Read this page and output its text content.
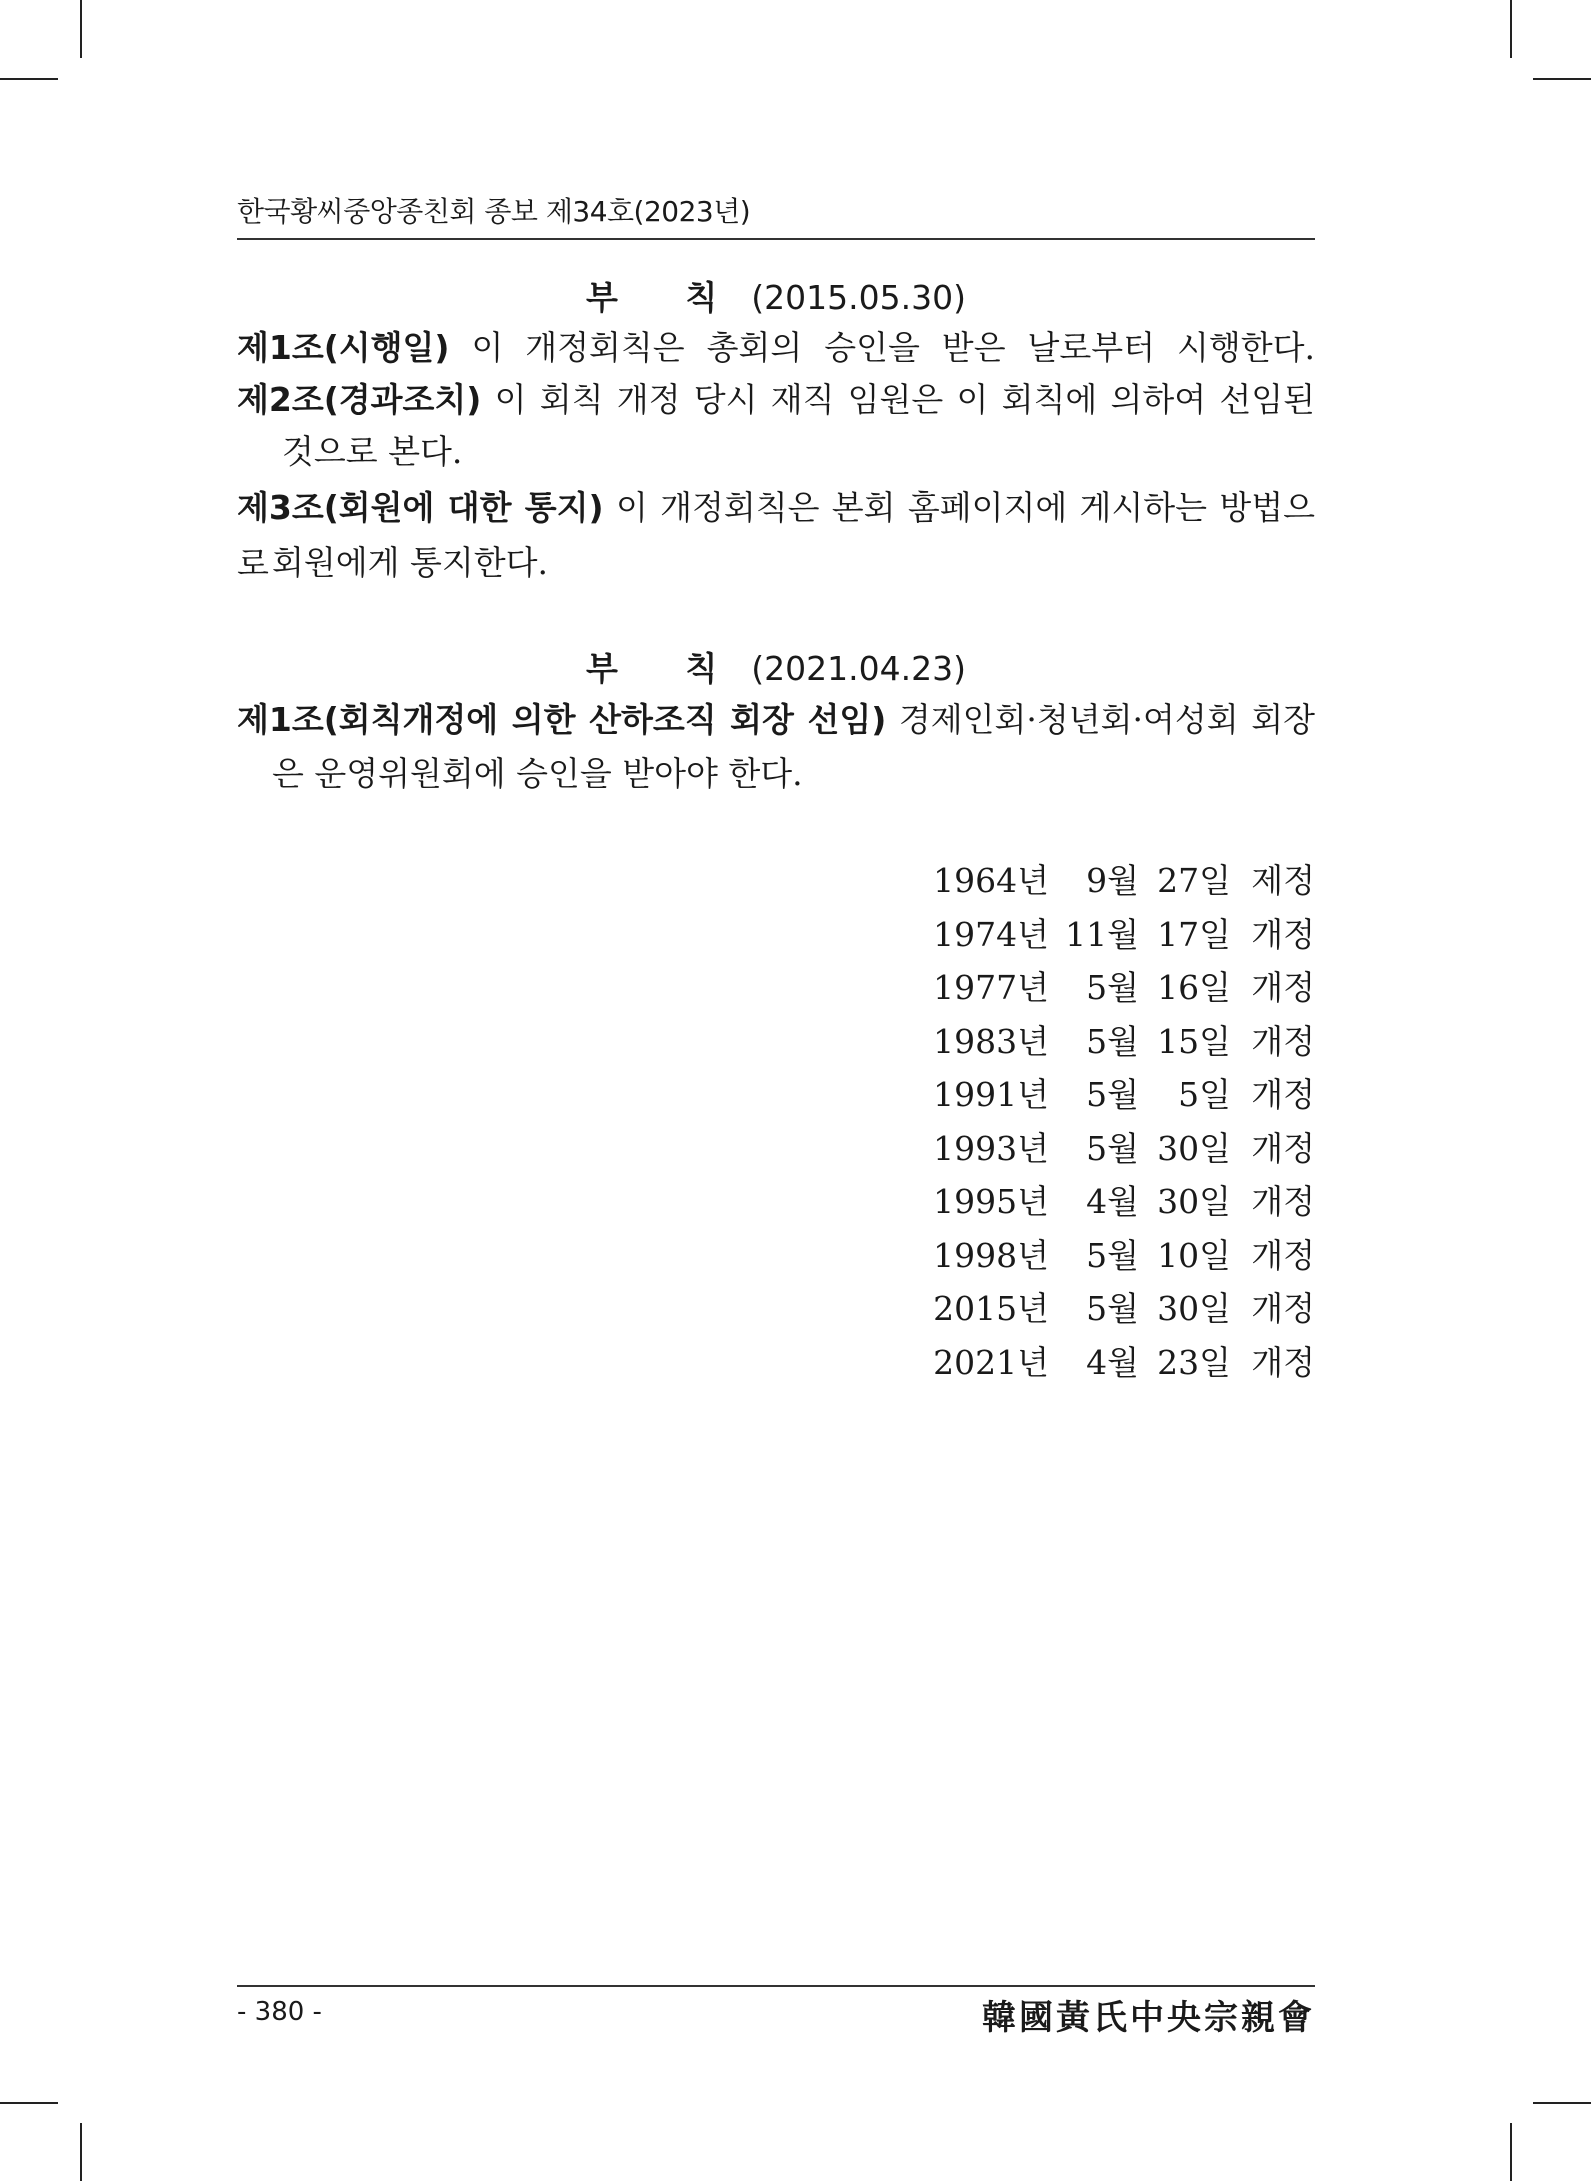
한국황씨중앙종친회 종보 제34호(2023년)
부 칙 (2015.05.30)
제1조(시행일) 이 개정회칙은 총회의 승인을 받은 날로부터 시행한다.
제2조(경과조치) 이 회칙 개정 당시 재직 임원은 이 회칙에 의하여 선임된
것으로 본다.
제3조(회원에 대한 통지) 이 개정회칙은 본회 홈페이지에 게시하는 방법으로 회원에게 통지한다.
부 칙 (2021.04.23)
제1조(회칙개정에 의한 산하조직 회장 선임) 경제인회·청년회·여성회 회장
은 운영위원회에 승인을 받아야 한다.
1964년	9월 27일 제정
1974년 11월 17일 개정
1977년	5월 16일 개정
1983년	5월 15일 개정
1991년	5월	5일 개정
1993년	5월 30일 개정
1995년	4월 30일 개정
1998년	5월 10일 개정
2015년	5월 30일 개정
2021년	4월 23일 개정
- 380 -	韓國黃氏中央宗親會
